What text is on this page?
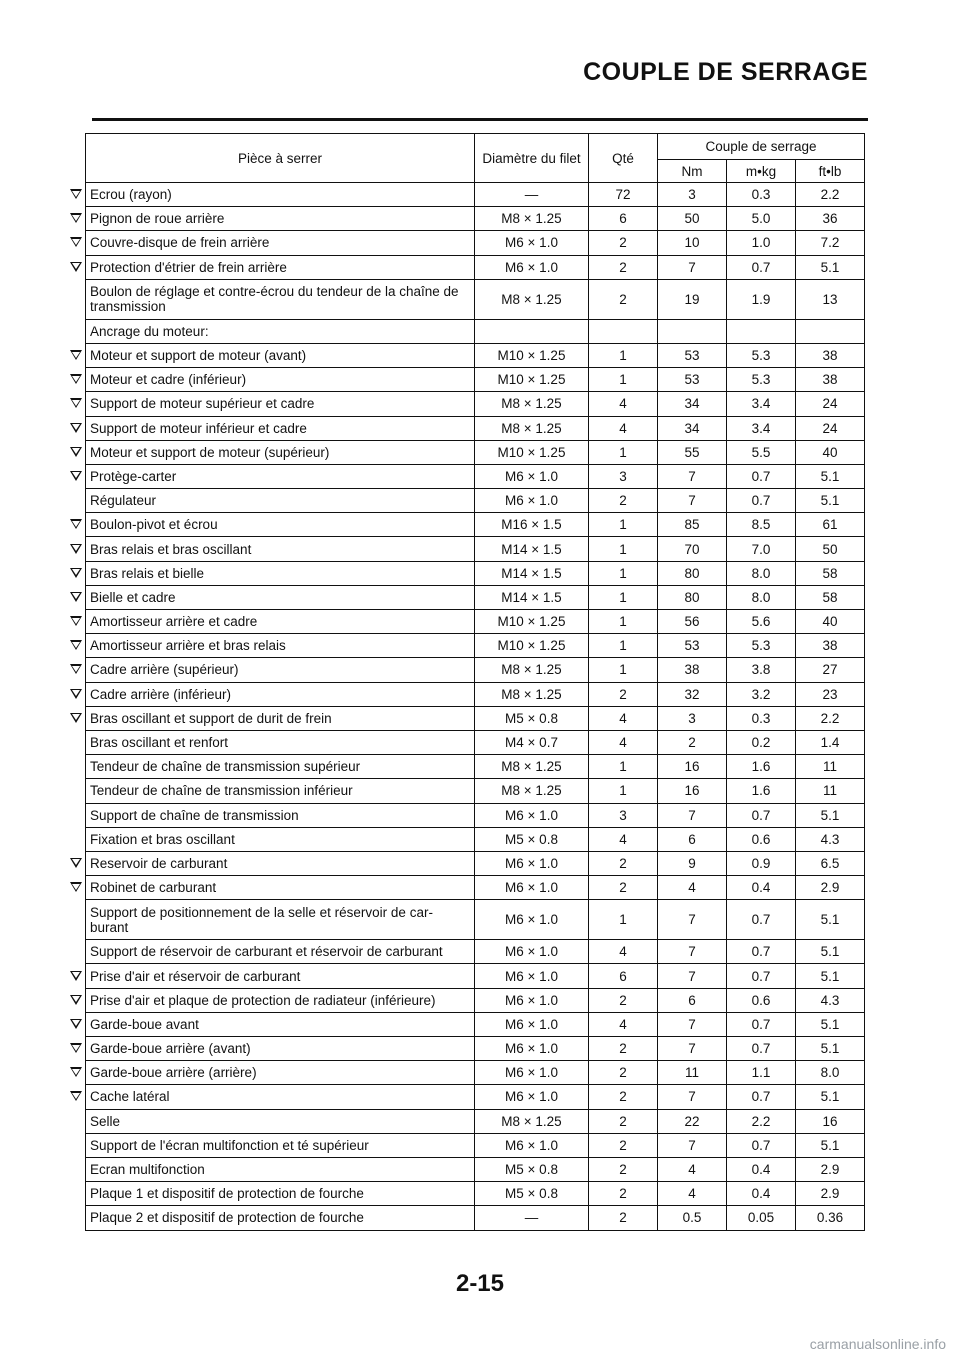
COUPLE DE SERRAGE
	Pièce à serrer	Diamètre du filet	Qté	Couple de serrage		
				Nm	m•kg	ft•lb
	Ecrou (rayon)	—	72	3	0.3	2.2
	Pignon de roue arrière	M8 × 1.25	6	50	5.0	36
	Couvre-disque de frein arrière	M6 × 1.0	2	10	1.0	7.2
	Protection d'étrier de frein arrière	M6 × 1.0	2	7	0.7	5.1
	Boulon de réglage et contre-écrou du tendeur de la chaîne de transmission	M8 × 1.25	2	19	1.9	13
	Ancrage du moteur:					
	Moteur et support de moteur (avant)	M10 × 1.25	1	53	5.3	38
	Moteur et cadre (inférieur)	M10 × 1.25	1	53	5.3	38
	Support de moteur supérieur et cadre	M8 × 1.25	4	34	3.4	24
	Support de moteur inférieur et cadre	M8 × 1.25	4	34	3.4	24
	Moteur et support de moteur (supérieur)	M10 × 1.25	1	55	5.5	40
	Protège-carter	M6 × 1.0	3	7	0.7	5.1
	Régulateur	M6 × 1.0	2	7	0.7	5.1
	Boulon-pivot et écrou	M16 × 1.5	1	85	8.5	61
	Bras relais et bras oscillant	M14 × 1.5	1	70	7.0	50
	Bras relais et bielle	M14 × 1.5	1	80	8.0	58
	Bielle et cadre	M14 × 1.5	1	80	8.0	58
	Amortisseur arrière et cadre	M10 × 1.25	1	56	5.6	40
	Amortisseur arrière et bras relais	M10 × 1.25	1	53	5.3	38
	Cadre arrière (supérieur)	M8 × 1.25	1	38	3.8	27
	Cadre arrière (inférieur)	M8 × 1.25	2	32	3.2	23
	Bras oscillant et support de durit de frein	M5 × 0.8	4	3	0.3	2.2
	Bras oscillant et renfort	M4 × 0.7	4	2	0.2	1.4
	Tendeur de chaîne de transmission supérieur	M8 × 1.25	1	16	1.6	11
	Tendeur de chaîne de transmission inférieur	M8 × 1.25	1	16	1.6	11
	Support de chaîne de transmission	M6 × 1.0	3	7	0.7	5.1
	Fixation et bras oscillant	M5 × 0.8	4	6	0.6	4.3
	Reservoir de carburant	M6 × 1.0	2	9	0.9	6.5
	Robinet de carburant	M6 × 1.0	2	4	0.4	2.9
	Support de positionnement de la selle et réservoir de car-burant	M6 × 1.0	1	7	0.7	5.1
	Support de réservoir de carburant et réservoir de carburant	M6 × 1.0	4	7	0.7	5.1
	Prise d'air et réservoir de carburant	M6 × 1.0	6	7	0.7	5.1
	Prise d'air et plaque de protection de radiateur (inférieure)	M6 × 1.0	2	6	0.6	4.3
	Garde-boue avant	M6 × 1.0	4	7	0.7	5.1
	Garde-boue arrière (avant)	M6 × 1.0	2	7	0.7	5.1
	Garde-boue arrière (arrière)	M6 × 1.0	2	11	1.1	8.0
	Cache latéral	M6 × 1.0	2	7	0.7	5.1
	Selle	M8 × 1.25	2	22	2.2	16
	Support de l'écran multifonction et té supérieur	M6 × 1.0	2	7	0.7	5.1
	Ecran multifonction	M5 × 0.8	2	4	0.4	2.9
	Plaque 1 et dispositif de protection de fourche	M5 × 0.8	2	4	0.4	2.9
	Plaque 2 et dispositif de protection de fourche	—	2	0.5	0.05	0.36
2-15
carmanualsonline.info
